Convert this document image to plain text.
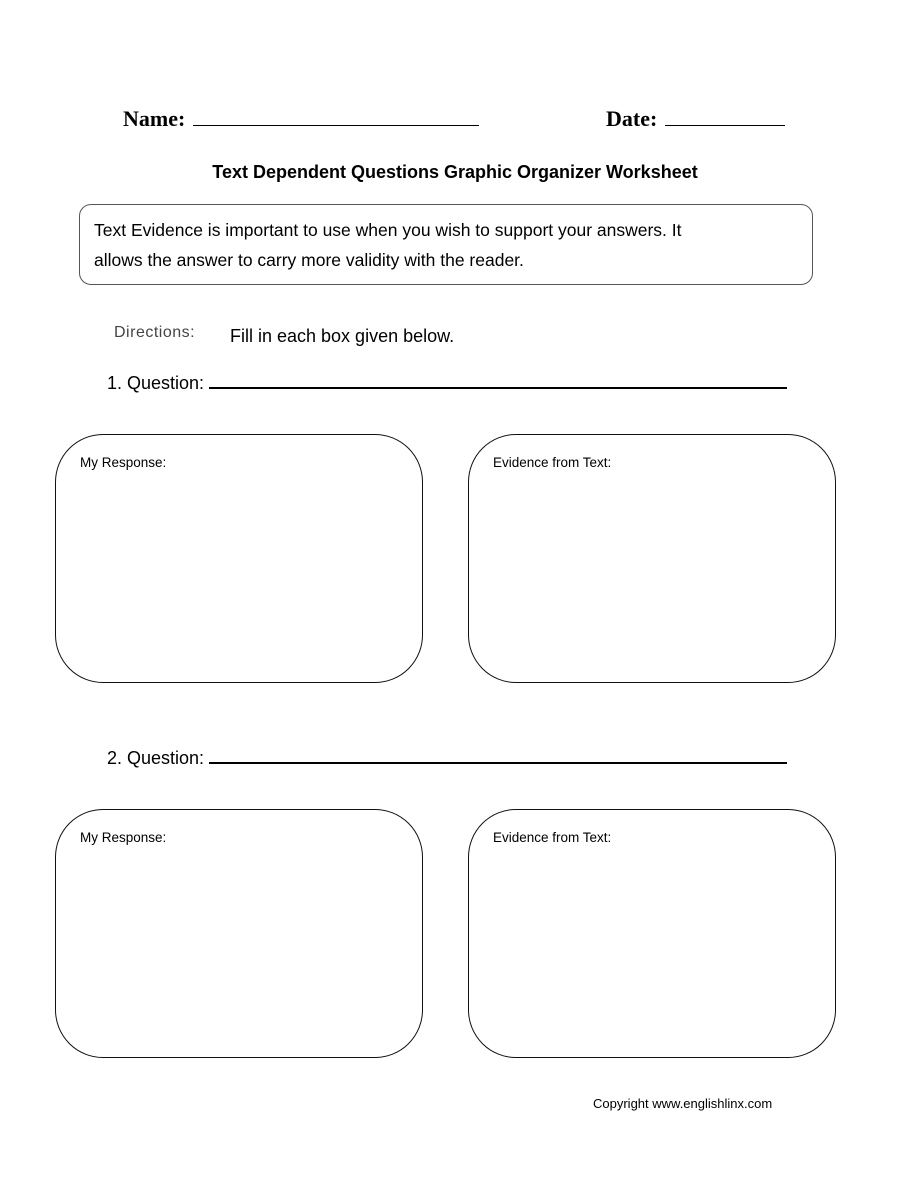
Name:	Date:
Text Dependent Questions Graphic Organizer Worksheet
Text Evidence is important to use when you wish to support your answers. It
allows the answer to carry more validity with the reader.
Directions: Fill in each box given below.
1. Question:
My Response:	Evidence from Text:
2. Question:
My Response:	Evidence from Text:
Copyright www.englishlinx.com
